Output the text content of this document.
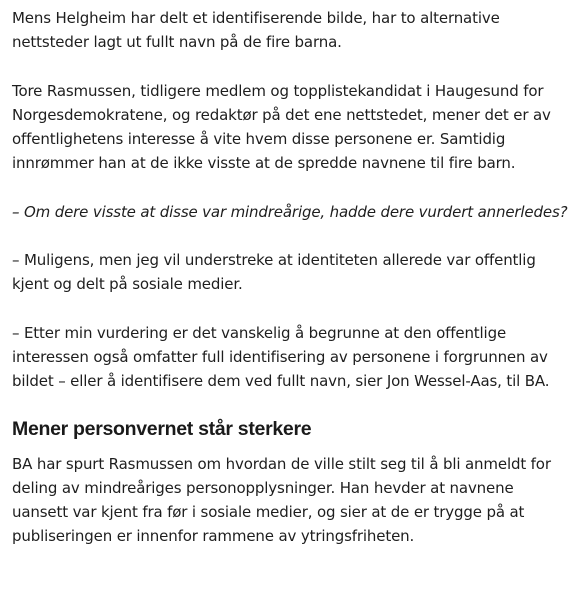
Mens Helgheim har delt et identifiserende bilde, har to alternative nettsteder lagt ut fullt navn på de fire barna.

Tore Rasmussen, tidligere medlem og topplistekandidat i Haugesund for Norgesdemokratene, og redaktør på det ene nettstedet, mener det er av offentlighetens interesse å vite hvem disse personene er. Samtidig innrømmer han at de ikke visste at de spredde navnene til fire barn.

– Om dere visste at disse var mindreårige, hadde dere vurdert annerledes?

– Muligens, men jeg vil understreke at identiteten allerede var offentlig kjent og delt på sosiale medier.

– Etter min vurdering er det vanskelig å begrunne at den offentlige interessen også omfatter full identifisering av personene i forgrunnen av bildet – eller å identifisere dem ved fullt navn, sier Jon Wessel-Aas, til BA.

Mener personvernet står sterkere

BA har spurt Rasmussen om hvordan de ville stilt seg til å bli anmeldt for deling av mindreåriges personopplysninger. Han hevder at navnene uansett var kjent fra før i sosiale medier, og sier at de er trygge på at publiseringen er innenfor rammene av ytringsfriheten.
